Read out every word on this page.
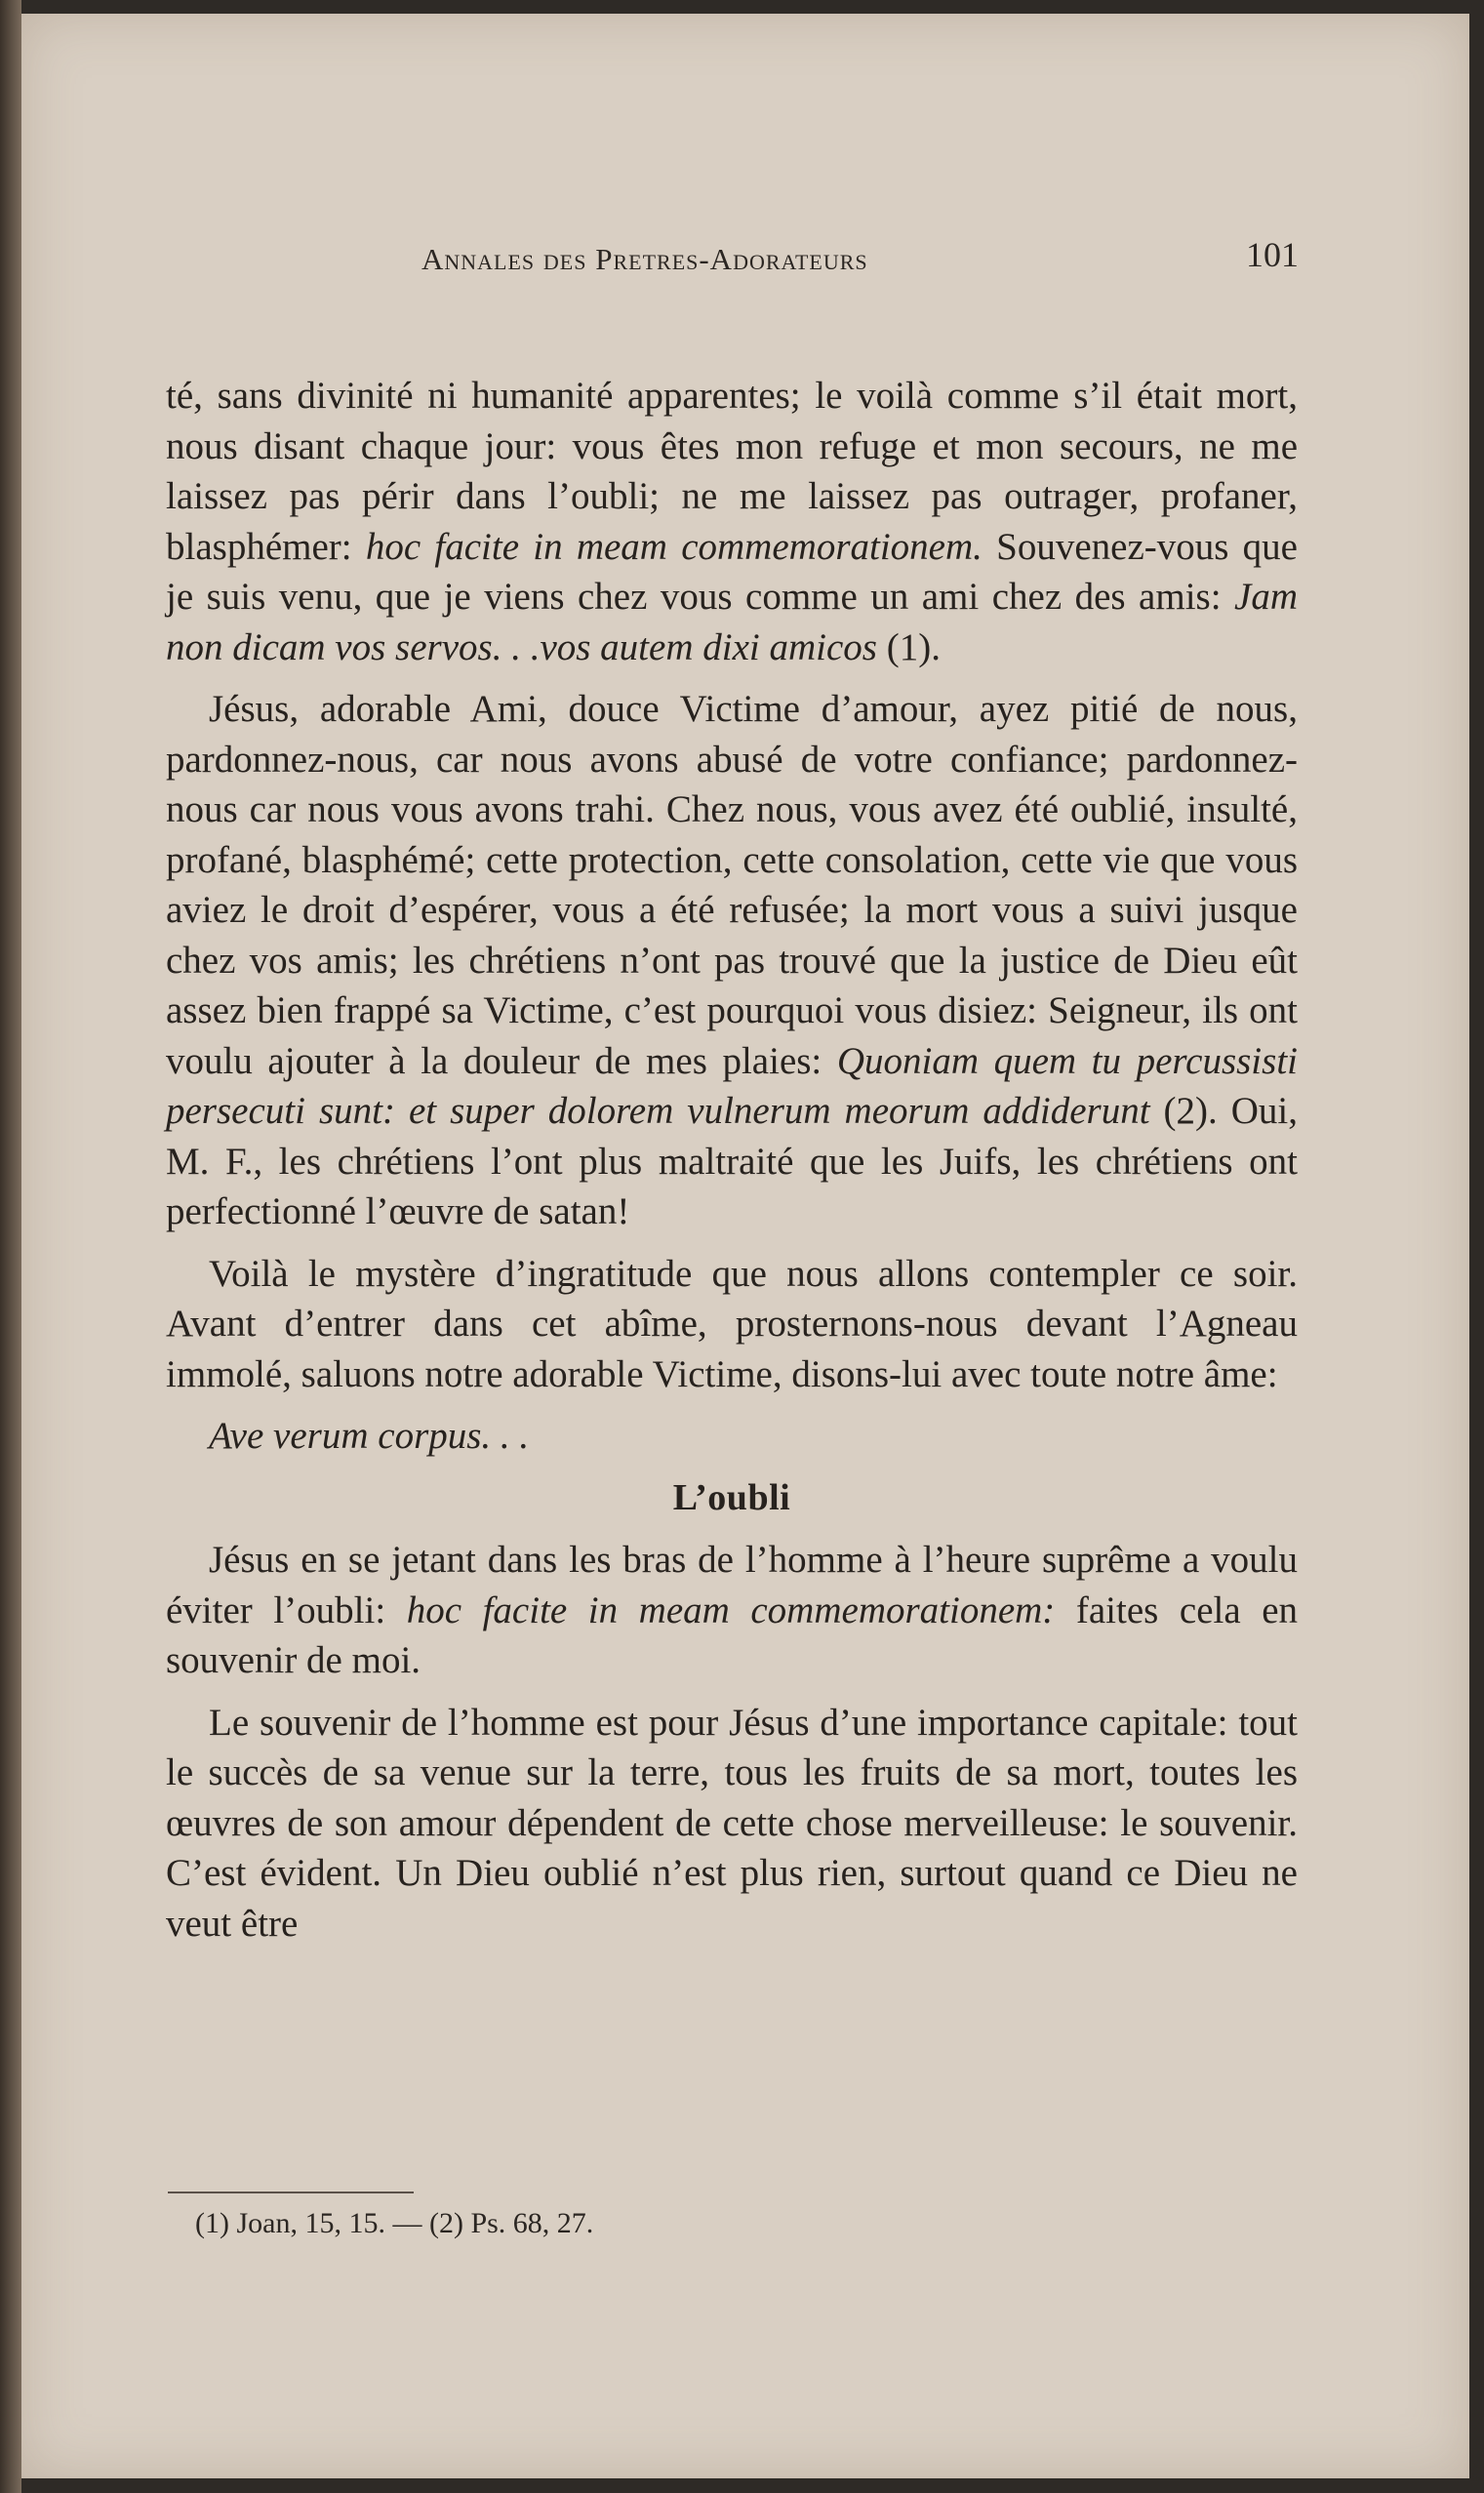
Annales des Pretres-Adorateurs	101

té, sans divinité ni humanité apparentes; le voilà comme s’il était mort, nous disant chaque jour: vous êtes mon refuge et mon secours, ne me laissez pas périr dans l’oubli; ne me laissez pas outrager, profaner, blasphémer: hoc facite in meam commemorationem. Souvenez-vous que je suis venu, que je viens chez vous comme un ami chez des amis: Jam non dicam vos servos. . .vos autem dixi amicos (1).

Jésus, adorable Ami, douce Victime d’amour, ayez pitié de nous, pardonnez-nous, car nous avons abusé de votre confiance; pardonnez-nous car nous vous avons trahi. Chez nous, vous avez été oublié, insulté, profané, blasphémé; cette protection, cette consolation, cette vie que vous aviez le droit d’espérer, vous a été refusée; la mort vous a suivi jusque chez vos amis; les chrétiens n’ont pas trouvé que la justice de Dieu eût assez bien frappé sa Victime, c’est pourquoi vous disiez: Seigneur, ils ont voulu ajouter à la douleur de mes plaies: Quoniam quem tu percussisti persecuti sunt: et super dolorem vulnerum meorum addiderunt (2). Oui, M. F., les chrétiens l’ont plus maltraité que les Juifs, les chrétiens ont perfectionné l’œuvre de satan!

Voilà le mystère d’ingratitude que nous allons contempler ce soir. Avant d’entrer dans cet abîme, prosternons-nous devant l’Agneau immolé, saluons notre adorable Victime, disons-lui avec toute notre âme:

Ave verum corpus. . .

L’oubli

Jésus en se jetant dans les bras de l’homme à l’heure suprême a voulu éviter l’oubli: hoc facite in meam commemorationem: faites cela en souvenir de moi.

Le souvenir de l’homme est pour Jésus d’une importance capitale: tout le succès de sa venue sur la terre, tous les fruits de sa mort, toutes les œuvres de son amour dépendent de cette chose merveilleuse: le souvenir. C’est évident. Un Dieu oublié n’est plus rien, surtout quand ce Dieu ne veut être

(1) Joan, 15, 15. — (2) Ps. 68, 27.
